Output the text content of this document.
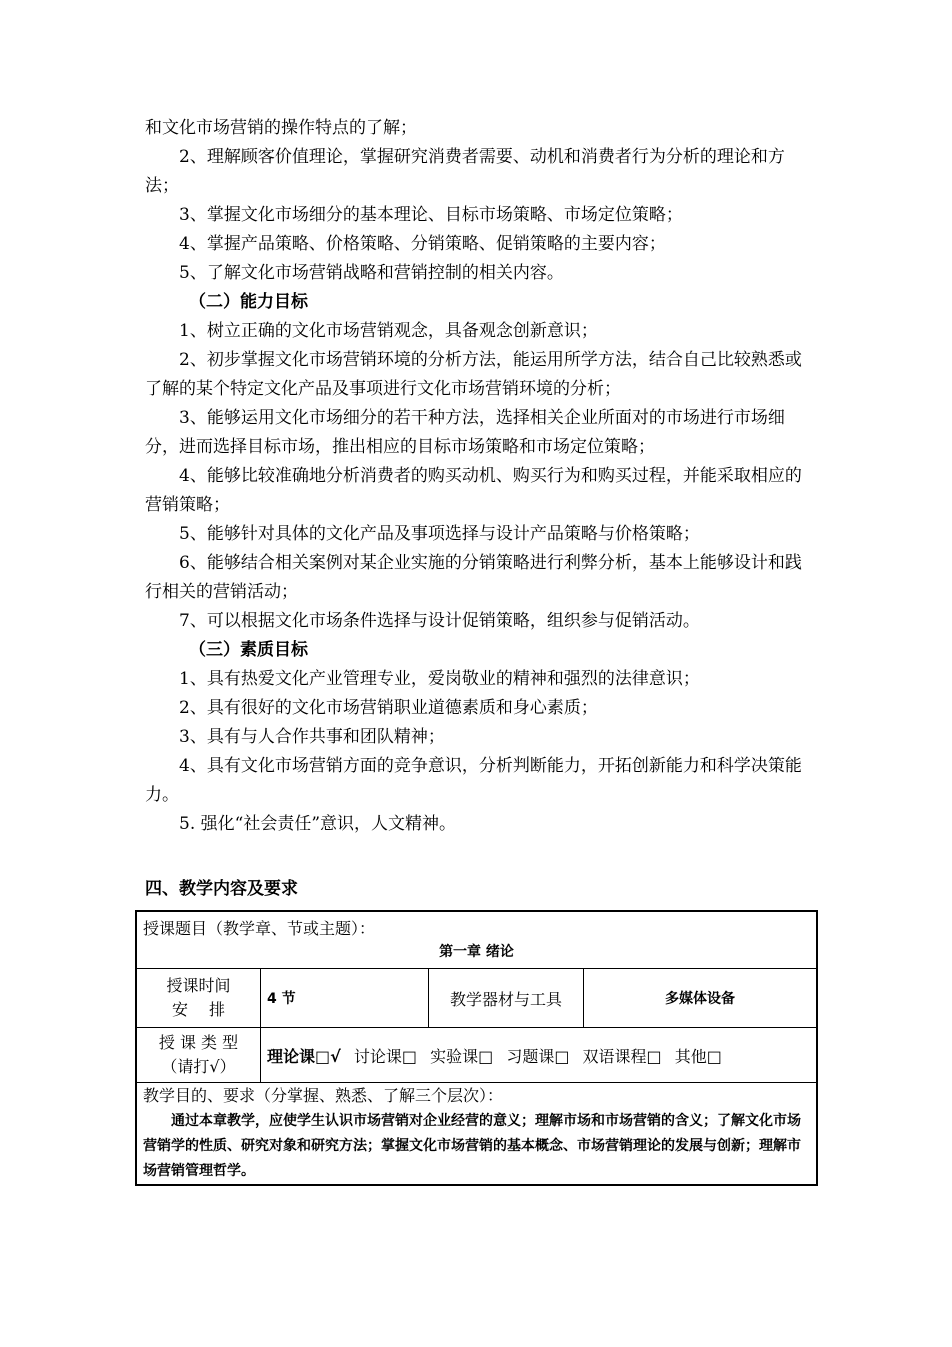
和文化市场营销的操作特点的了解；

2、理解顾客价值理论，掌握研究消费者需要、动机和消费者行为分析的理论和方法；

3、掌握文化市场细分的基本理论、目标市场策略、市场定位策略；

4、掌握产品策略、价格策略、分销策略、促销策略的主要内容；

5、了解文化市场营销战略和营销控制的相关内容。

（二）能力目标

1、树立正确的文化市场营销观念，具备观念创新意识；

2、初步掌握文化市场营销环境的分析方法，能运用所学方法，结合自己比较熟悉或了解的某个特定文化产品及事项进行文化市场营销环境的分析；

3、能够运用文化市场细分的若干种方法，选择相关企业所面对的市场进行市场细分，进而选择目标市场，推出相应的目标市场策略和市场定位策略；

4、能够比较准确地分析消费者的购买动机、购买行为和购买过程，并能采取相应的营销策略；

5、能够针对具体的文化产品及事项选择与设计产品策略与价格策略；

6、能够结合相关案例对某企业实施的分销策略进行利弊分析，基本上能够设计和践行相关的营销活动；

7、可以根据文化市场条件选择与设计促销策略，组织参与促销活动。

（三）素质目标

1、具有热爱文化产业管理专业，爱岗敬业的精神和强烈的法律意识；

2、具有很好的文化市场营销职业道德素质和身心素质；

3、具有与人合作共事和团队精神；

4、具有文化市场营销方面的竞争意识，分析判断能力，开拓创新能力和科学决策能力。

5. 强化“社会责任”意识，人文精神。

四、教学内容及要求
授课题目（教学章、节或主题）：
第一章 绪论			

授课时间
安　 排	4 节	教学器材与工具	多媒体设备

授 课 类 型
（请打√）	理论课□√ 讨论课□ 实验课□ 习题课□ 双语课程□ 其他□		

教学目的、要求（分掌握、熟悉、了解三个层次）：
通过本章教学，应使学生认识市场营销对企业经营的意义；理解市场和市场营销的含义；了解文化市场营销学的性质、研究对象和研究方法；掌握文化市场营销的基本概念、市场营销理论的发展与创新；理解市场营销管理哲学。			
